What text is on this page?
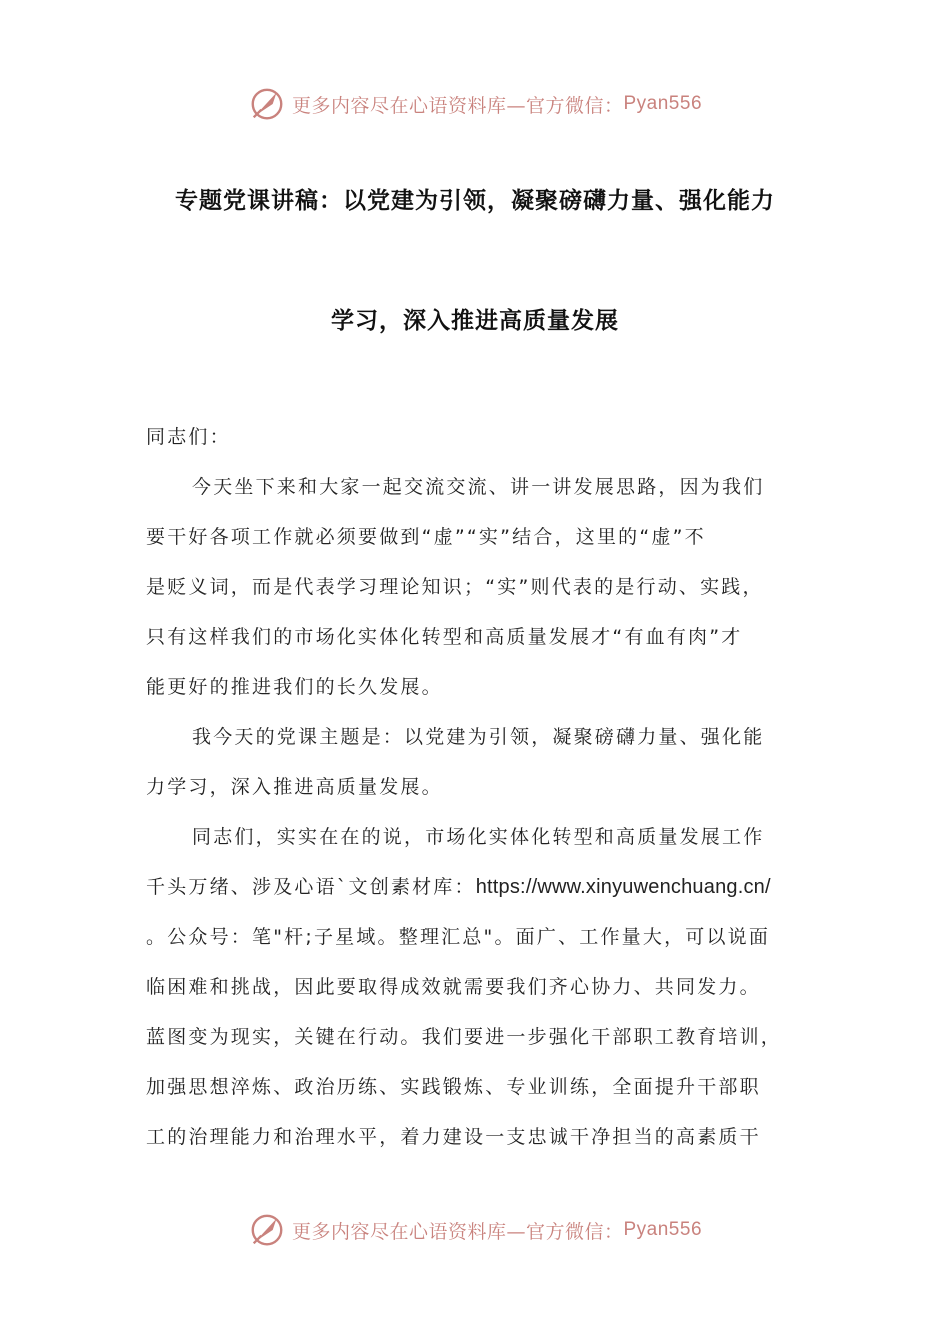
更多内容尽在心语资料库—官方微信： Pyan556
专题党课讲稿：以党建为引领，凝聚磅礴力量、强化能力
学习，深入推进高质量发展
同志们：
今天坐下来和大家一起交流交流、讲一讲发展思路，因为我们
要干好各项工作就必须要做到“虚”“实”结合，这里的“虚”不
是贬义词，而是代表学习理论知识；“实”则代表的是行动、实践，
只有这样我们的市场化实体化转型和高质量发展才“有血有肉”才
能更好的推进我们的长久发展。
我今天的党课主题是：以党建为引领，凝聚磅礴力量、强化能
力学习，深入推进高质量发展。
同志们，实实在在的说，市场化实体化转型和高质量发展工作
千头万绪、涉及心语`文创素材库：https://www.xinyuwenchuang.cn/
。公众号：笔"杆;子星域。整理汇总"。面广、工作量大，可以说面
临困难和挑战，因此要取得成效就需要我们齐心协力、共同发力。
蓝图变为现实，关键在行动。我们要进一步强化干部职工教育培训，
加强思想淬炼、政治历练、实践锻炼、专业训练，全面提升干部职
工的治理能力和治理水平，着力建设一支忠诚干净担当的高素质干
更多内容尽在心语资料库—官方微信： Pyan556
